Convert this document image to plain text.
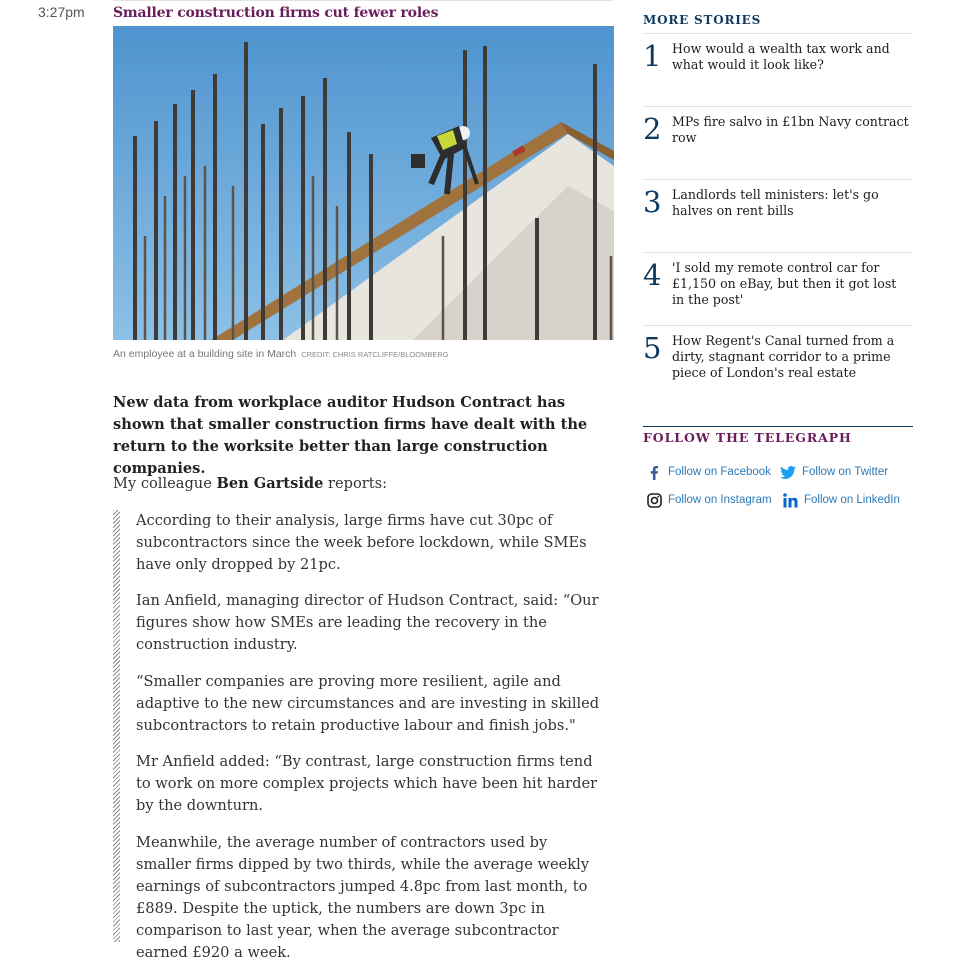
3:27pm Smaller construction firms cut fewer roles
An employee at a building site in March CREDIT: CHRIS RATCLIFFE/BLOOMBERG
New data from workplace auditor Hudson Contract has shown that smaller construction firms have dealt with the return to the worksite better than large construction companies.
My colleague Ben Gartside reports:

According to their analysis, large firms have cut 30pc of subcontractors since the week before lockdown, while SMEs have only dropped by 21pc.

Ian Anfield, managing director of Hudson Contract, said: “Our figures show how SMEs are leading the recovery in the construction industry.

“Smaller companies are proving more resilient, agile and adaptive to the new circumstances and are investing in skilled subcontractors to retain productive labour and finish jobs."

Mr Anfield added: “By contrast, large construction firms tend to work on more complex projects which have been hit harder by the downturn.

Meanwhile, the average number of contractors used by smaller firms dipped by two thirds, while the average weekly earnings of subcontractors jumped 4.8pc from last month, to £889. Despite the uptick, the numbers are down 3pc in comparison to last year, when the average subcontractor earned £920 a week.

MORE STORIES
1 How would a wealth tax work and what would it look like?
2 MPs fire salvo in £1bn Navy contract row
3 Landlords tell ministers: let's go halves on rent bills
4 'I sold my remote control car for £1,150 on eBay, but then it got lost in the post'
5 How Regent's Canal turned from a dirty, stagnant corridor to a prime piece of London's real estate
FOLLOW THE TELEGRAPH
Follow on Facebook	Follow on Twitter
Follow on Instagram	Follow on LinkedIn
